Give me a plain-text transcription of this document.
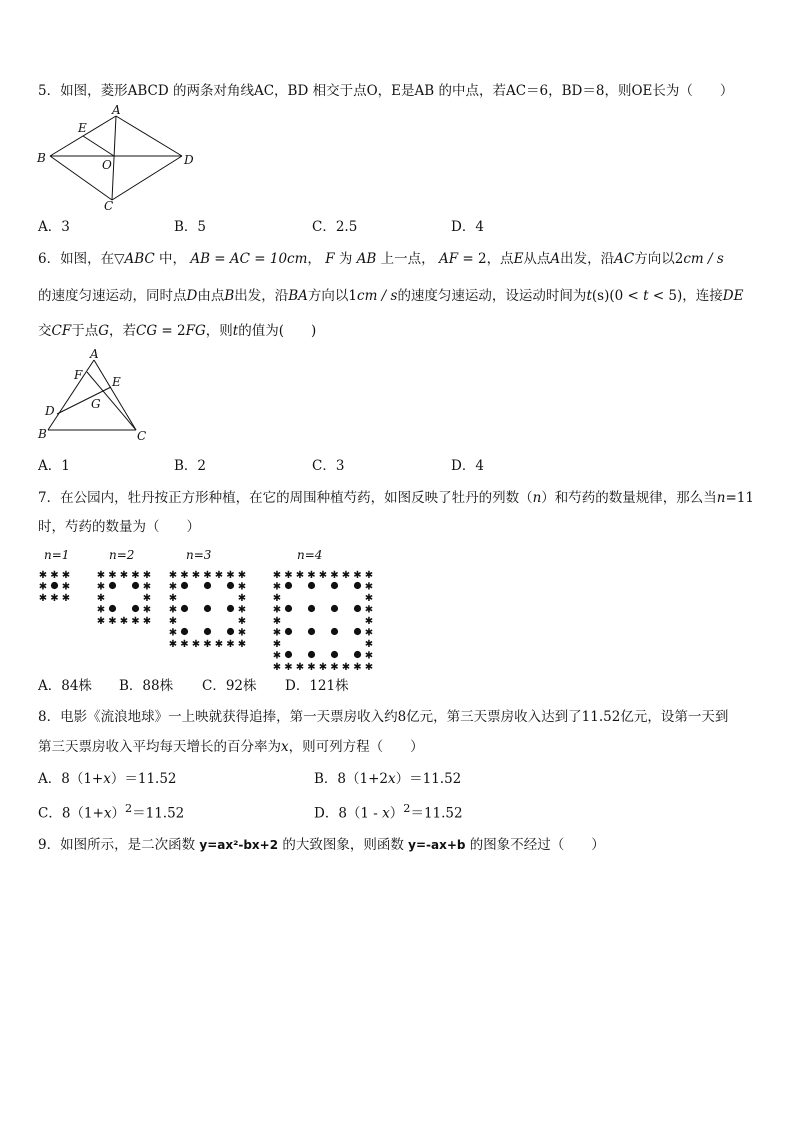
5．如图，菱形ABCD 的两条对角线AC，BD 相交于点O，E是AB 的中点，若AC＝6，BD＝8，则OE长为（　　）
A
B
C
D
E
O
A．3	B．5	C．2.5	D．4
6．如图，在▽ABC 中， AB = AC = 10cm， F 为 AB 上一点， AF = 2，点E从点A出发，沿AC方向以2cm / s
的速度匀速运动，同时点D由点B出发，沿BA方向以1cm / s的速度匀速运动，设运动时间为t(s)(0 < t < 5)，连接DE
交CF于点G，若CG = 2FG，则t的值为(　　)
A
F E
G
D
B	C
A．1	B．2	C．3	D．4
7．在公园内，牡丹按正方形种植，在它的周围种植芍药，如图反映了牡丹的列数（n）和芍药的数量规律，那么当n=11
时，芍药的数量为（　　）
n=1	n=2	n=3	n=4
✱ ✱ ✱
✱ ✱
✱ ✱ ✱
✱ ✱ ✱ ✱ ✱
✱	✱
✱	✱
✱	✱
✱ ✱ ✱ ✱ ✱
✱ ✱ ✱ ✱ ✱ ✱ ✱
✱	✱
✱	✱
✱	✱
✱	✱
✱	✱
✱ ✱ ✱ ✱ ✱ ✱ ✱
✱ ✱ ✱ ✱ ✱ ✱ ✱ ✱ ✱
✱	✱
✱	✱
✱	✱
✱	✱
✱	✱
✱	✱
✱	✱
✱ ✱ ✱ ✱ ✱ ✱ ✱ ✱ ✱
A．84株 B．88株 C．92株 D．121株
8．电影《流浪地球》一上映就获得追捧，第一天票房收入约8亿元，第三天票房收入达到了11.52亿元，设第一天到
第三天票房收入平均每天增长的百分率为x，则可列方程（　　）
A．8（1+x）＝11.52	B．8（1+2x）＝11.52
C．$8(1+x)^2=11.52$	D．8（1 - x）$^2$＝11.52
9．如图所示，是二次函数 y=ax²-bx+2 的大致图象，则函数 y=-ax+b 的图象不经过（　　）
